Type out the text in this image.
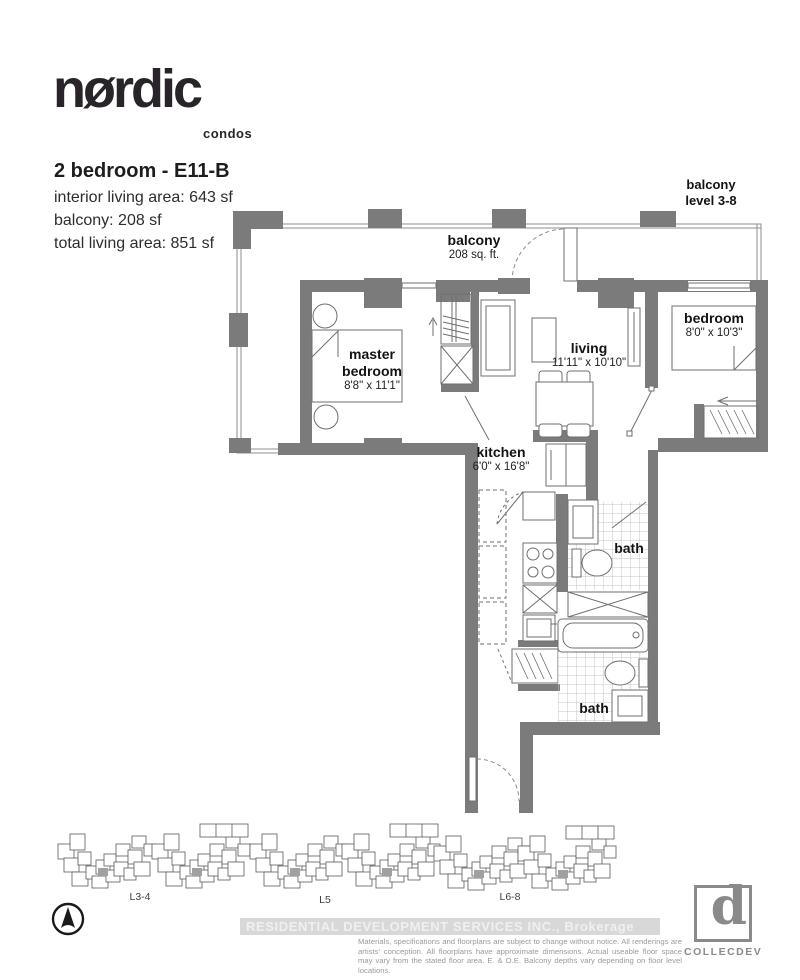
nørdic
condos
2 bedroom - E11-B
interior living area: 643 sf
balcony: 208 sf
total living area: 851 sf
balcony
level 3-8
balcony
208 sq. ft.
master
bedroom
8'8" x 11'1"
living
11'11" x 10'10"
bedroom
8'0" x 10'3"
kitchen
6'0" x 16'8"
bath
bath
L3-4	L5	L6-8
RESIDENTIAL DEVELOPMENT SERVICES INC., Brokerage
Materials, specifications and floorplans are subject to change without notice. All renderings are artists' conception. All floorplans have approximate dimensions. Actual useable floor space may vary from the stated floor area. E. & O.E. Balcony depths vary depending on floor level locations.
d
COLLECDEV
